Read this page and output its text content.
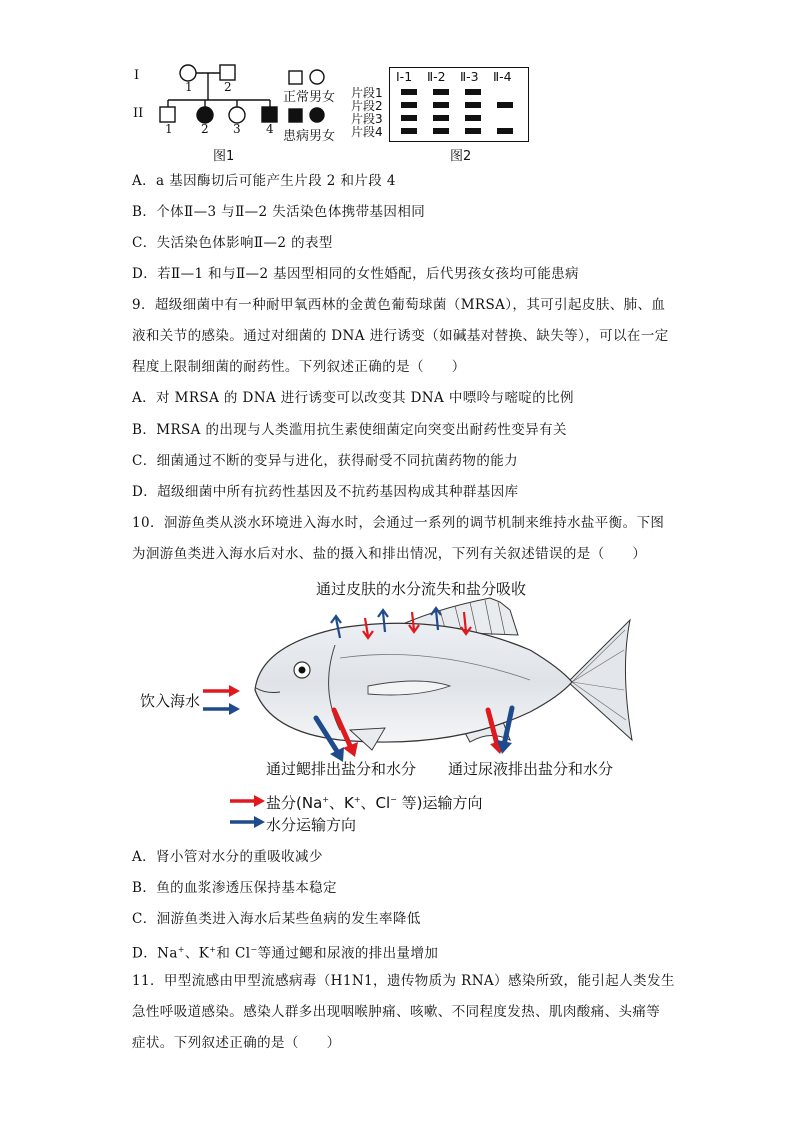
I
II
1	2
1 2 3 4
正常男女
患病男女
图1
Ⅰ-1 Ⅱ-2 Ⅱ-3 Ⅱ-4
片段1
片段2
片段3
片段4
图2
A．a 基因酶切后可能产生片段 2 和片段 4
B．个体Ⅱ—3 与Ⅱ—2 失活染色体携带基因相同
C．失活染色体影响Ⅱ—2 的表型
D．若Ⅱ—1 和与Ⅱ—2 基因型相同的女性婚配，后代男孩女孩均可能患病
9．超级细菌中有一种耐甲氧西林的金黄色葡萄球菌（MRSA），其可引起皮肤、肺、血
液和关节的感染。通过对细菌的 DNA 进行诱变（如碱基对替换、缺失等），可以在一定
程度上限制细菌的耐药性。下列叙述正确的是（　　）
A．对 MRSA 的 DNA 进行诱变可以改变其 DNA 中嘌呤与嘧啶的比例
B．MRSA 的出现与人类滥用抗生素使细菌定向突变出耐药性变异有关
C．细菌通过不断的变异与进化，获得耐受不同抗菌药物的能力
D．超级细菌中所有抗药性基因及不抗药基因构成其种群基因库
10．洄游鱼类从淡水环境进入海水时，会通过一系列的调节机制来维持水盐平衡。下图
为洄游鱼类进入海水后对水、盐的摄入和排出情况，下列有关叙述错误的是（　　）
通过皮肤的水分流失和盐分吸收
饮入海水
通过鳃排出盐分和水分 通过尿液排出盐分和水分
盐分(Na+、K+、Cl− 等)运输方向
水分运输方向
A．肾小管对水分的重吸收减少
B．鱼的血浆渗透压保持基本稳定
C．洄游鱼类进入海水后某些鱼病的发生率降低
D．Na+、K+和 Cl−等通过鳃和尿液的排出量增加
11．甲型流感由甲型流感病毒（H1N1，遗传物质为 RNA）感染所致，能引起人类发生
急性呼吸道感染。感染人群多出现咽喉肿痛、咳嗽、不同程度发热、肌肉酸痛、头痛等
症状。下列叙述正确的是（　　）
